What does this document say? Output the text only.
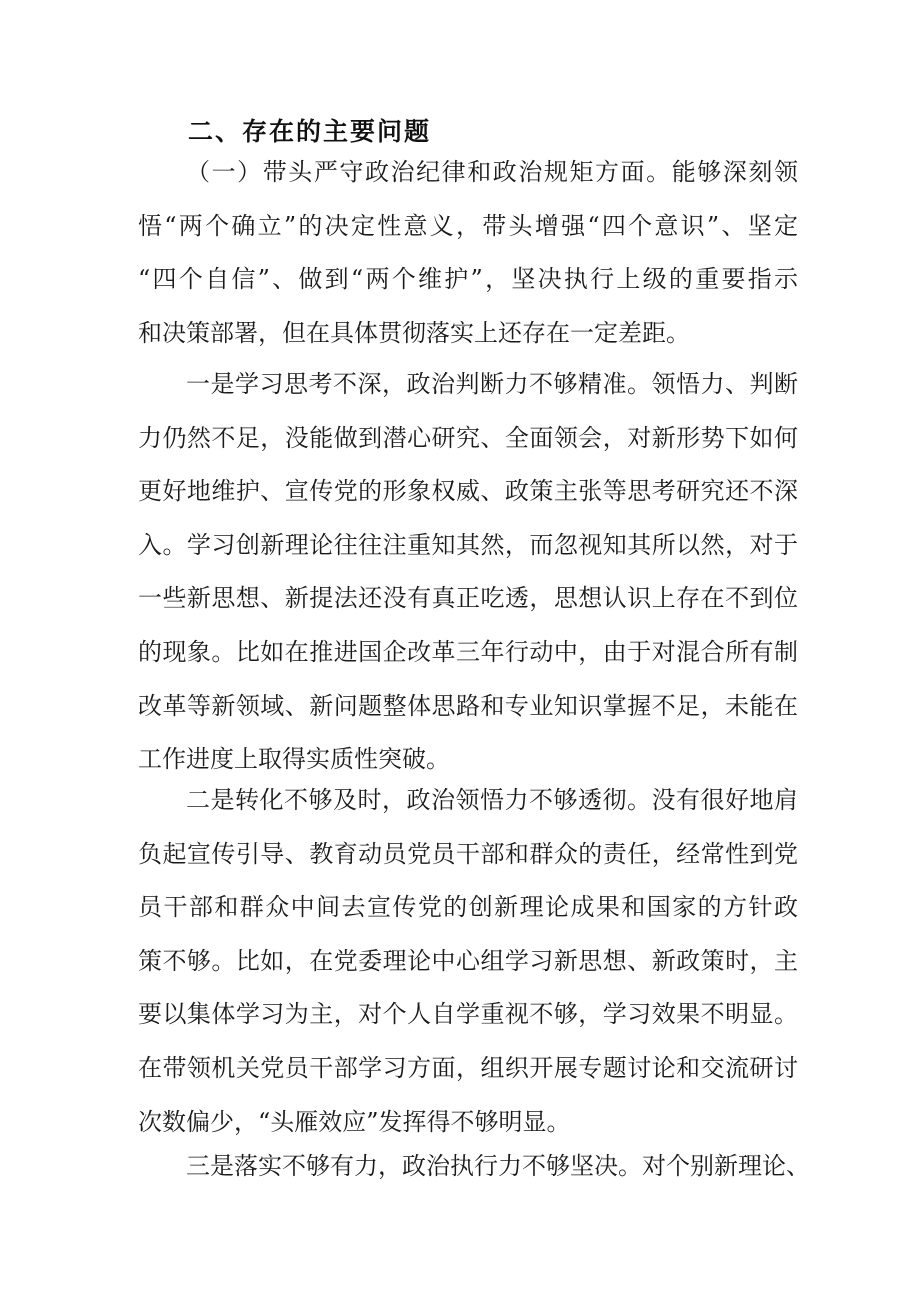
二、存在的主要问题
（一）带头严守政治纪律和政治规矩方面。能够深刻领
悟“两个确立”的决定性意义，带头增强“四个意识”、坚定
“四个自信”、做到“两个维护”，坚决执行上级的重要指示
和决策部署，但在具体贯彻落实上还存在一定差距。
一是学习思考不深，政治判断力不够精准。领悟力、判断
力仍然不足，没能做到潜心研究、全面领会，对新形势下如何
更好地维护、宣传党的形象权威、政策主张等思考研究还不深
入。学习创新理论往往注重知其然，而忽视知其所以然，对于
一些新思想、新提法还没有真正吃透，思想认识上存在不到位
的现象。比如在推进国企改革三年行动中，由于对混合所有制
改革等新领域、新问题整体思路和专业知识掌握不足，未能在
工作进度上取得实质性突破。
二是转化不够及时，政治领悟力不够透彻。没有很好地肩
负起宣传引导、教育动员党员干部和群众的责任，经常性到党
员干部和群众中间去宣传党的创新理论成果和国家的方针政
策不够。比如，在党委理论中心组学习新思想、新政策时，主
要以集体学习为主，对个人自学重视不够，学习效果不明显。
在带领机关党员干部学习方面，组织开展专题讨论和交流研讨
次数偏少，“头雁效应”发挥得不够明显。
三是落实不够有力，政治执行力不够坚决。对个别新理论、
